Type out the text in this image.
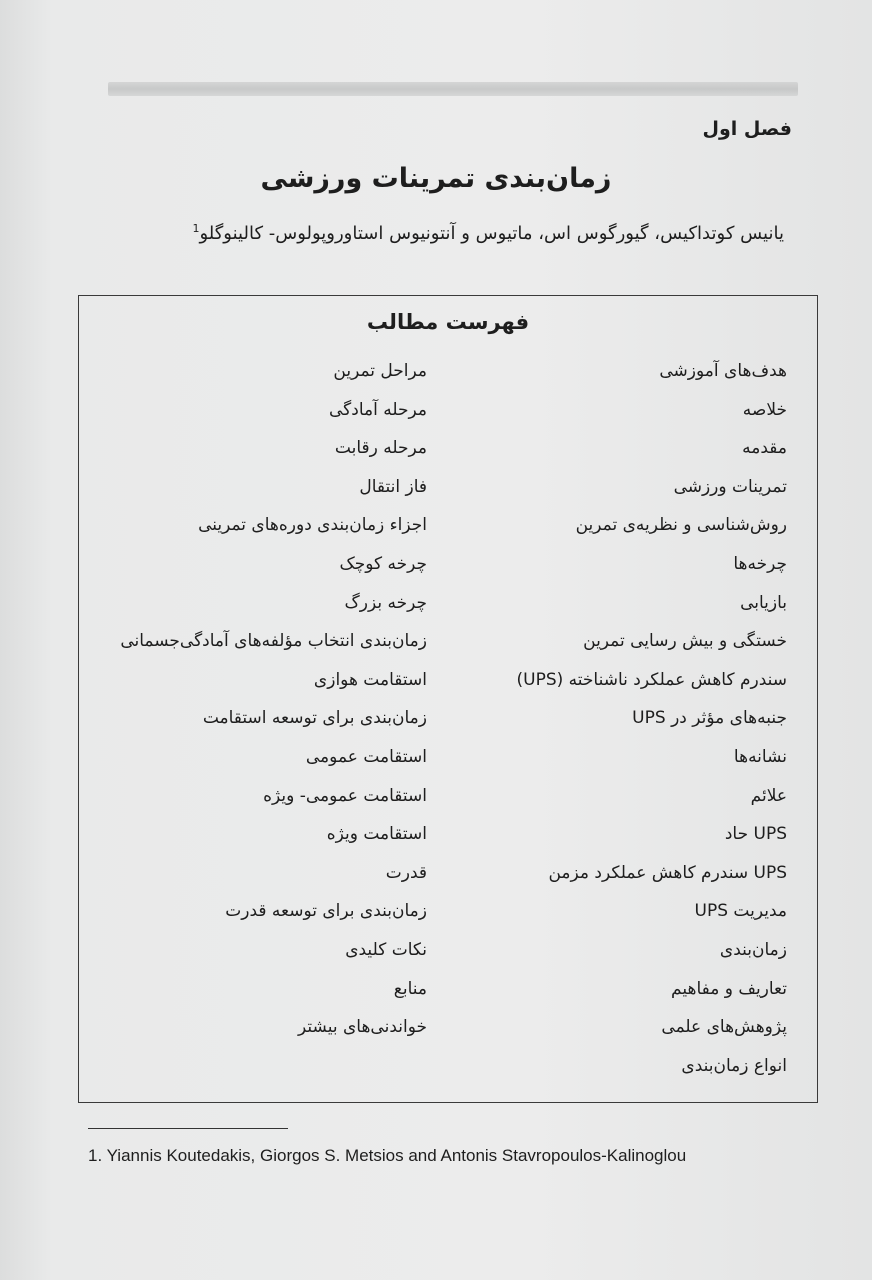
فصل اول
زمان‌بندی تمرینات ورزشی
یانیس کوتداکیس، گیورگوس اس، ماتیوس و آنتونیوس استاوروپولوس- کالینوگلو$^1$
فهرست مطالب
هدف‌های آموزشی
خلاصه
مقدمه
تمرینات ورزشی
روش‌شناسی و نظریه‌ی تمرین
چرخه‌ها
بازیابی
خستگی و بیش رسایی تمرین
سندرم کاهش عملکرد ناشناخته (UPS)
جنبه‌های مؤثر در UPS
نشانه‌ها
علائم
UPS حاد
UPS سندرم کاهش عملکرد مزمن
مدیریت UPS
زمان‌بندی
تعاریف و مفاهیم
پژوهش‌های علمی
انواع زمان‌بندی
مراحل تمرین
مرحله آمادگی
مرحله رقابت
فاز انتقال
اجزاء زمان‌بندی دوره‌های تمرینی
چرخه کوچک
چرخه بزرگ
زمان‌بندی انتخاب مؤلفه‌های آمادگی‌جسمانی
استقامت هوازی
زمان‌بندی برای توسعه استقامت
استقامت عمومی
استقامت عمومی- ویژه
استقامت ویژه
قدرت
زمان‌بندی برای توسعه قدرت
نکات کلیدی
منابع
خواندنی‌های بیشتر
1. Yiannis Koutedakis, Giorgos S. Metsios and Antonis Stavropoulos-Kalinoglou
